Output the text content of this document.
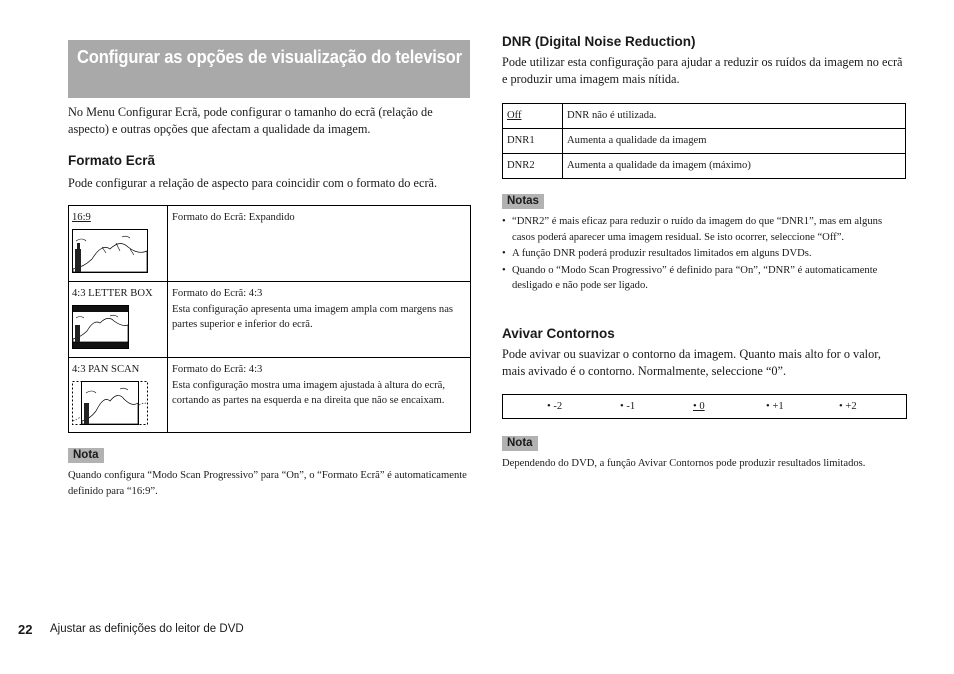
Configurar as opções de visualização do televisor

No Menu Configurar Ecrã, pode configurar o tamanho do ecrã (relação de aspecto) e outras opções que afectam a qualidade da imagem.

Formato Ecrã

Pode configurar a relação de aspecto para coincidir com o formato do ecrã.

16:9	Formato do Ecrã: Expandido

4:3 LETTER BOX	Formato do Ecrã: 4:3
Esta configuração apresenta uma imagem ampla com margens nas partes superior e inferior do ecrã.

4:3 PAN SCAN	Formato do Ecrã: 4:3
Esta configuração mostra uma imagem ajustada à altura do ecrã, cortando as partes na esquerda e na direita que não se encaixam.
Nota

Quando configura “Modo Scan Progressivo” para “On”, o “Formato Ecrã” é automaticamente definido para “16:9”.

DNR (Digital Noise Reduction)

Pode utilizar esta configuração para ajudar a reduzir os ruídos da imagem no ecrã e produzir uma imagem mais nítida.

Off	DNR não é utilizada.
DNR1	Aumenta a qualidade da imagem
DNR2	Aumenta a qualidade da imagem (máximo)
Notas
• “DNR2” é mais eficaz para reduzir o ruído da imagem do que “DNR1”, mas em alguns casos poderá aparecer uma imagem residual. Se isto ocorrer, seleccione “Off”.
• A função DNR poderá produzir resultados limitados em alguns DVDs.
• Quando o “Modo Scan Progressivo” é definido para “On”, “DNR” é automaticamente desligado e não pode ser ligado.
Avivar Contornos

Pode avivar ou suavizar o contorno da imagem. Quanto mais alto for o valor, mais avivado é o contorno. Normalmente, seleccione “0”.

• -2	• -1	• 0	• +1	• +2
Nota

Dependendo do DVD, a função Avivar Contornos pode produzir resultados limitados.

22 Ajustar as definições do leitor de DVD
